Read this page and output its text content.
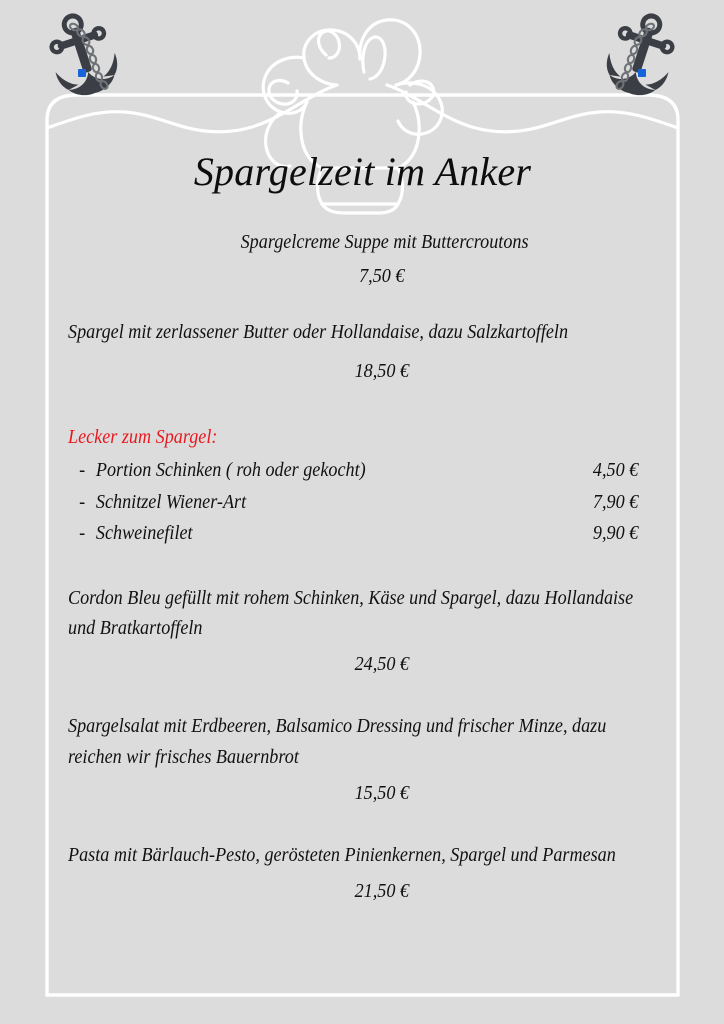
Spargelzeit im Anker
Spargelcreme Suppe mit Buttercroutons
7,50 €
Spargel mit zerlassener Butter oder Hollandaise, dazu Salzkartoffeln
18,50 €
Lecker zum Spargel:
- Portion Schinken ( roh oder gekocht)	4,50 €
- Schnitzel Wiener-Art	7,90 €
- Schweinefilet	9,90 €
Cordon Bleu gefüllt mit rohem Schinken, Käse und Spargel, dazu Hollandaise und Bratkartoffeln
24,50 €
Spargelsalat mit Erdbeeren, Balsamico Dressing und frischer Minze, dazu reichen wir frisches Bauernbrot
15,50 €
Pasta mit Bärlauch-Pesto, gerösteten Pinienkernen, Spargel und Parmesan
21,50 €
